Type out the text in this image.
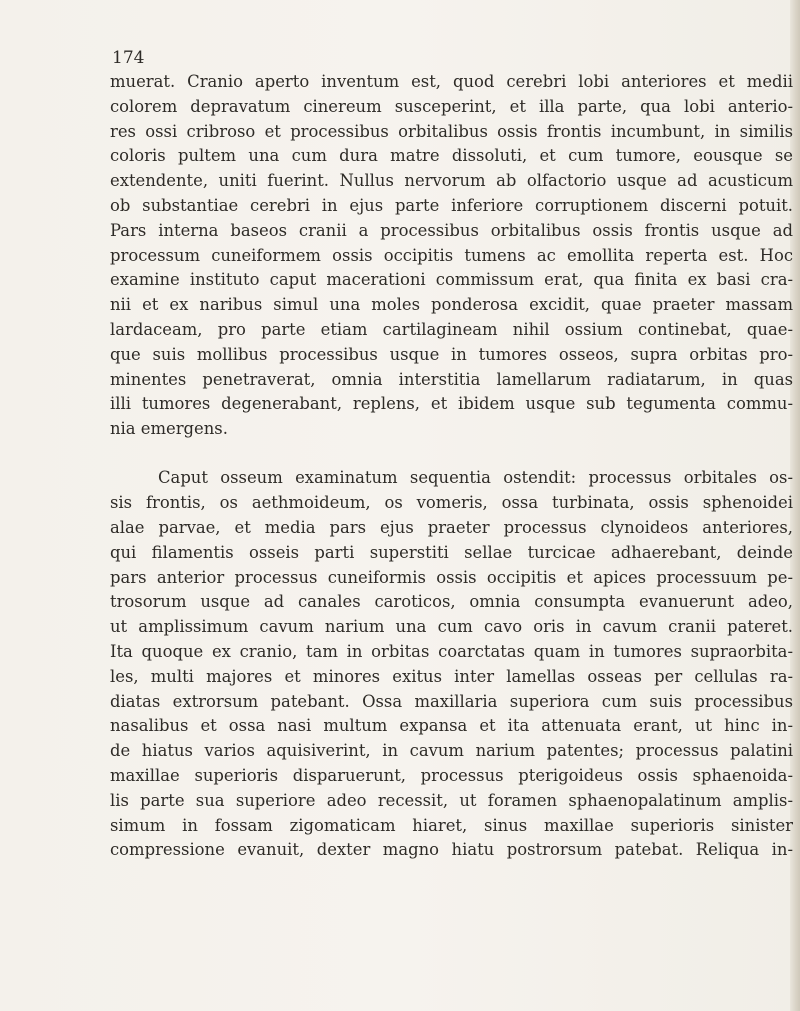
174
muerat. Cranio aperto inventum est, quod cerebri lobi anteriores et medii
colorem depravatum cinereum susceperint, et illa parte, qua lobi anterio-
res ossi cribroso et processibus orbitalibus ossis frontis incumbunt, in similis
coloris pultem una cum dura matre dissoluti, et cum tumore, eousque se
extendente, uniti fuerint. Nullus nervorum ab olfactorio usque ad acusticum
ob substantiae cerebri in ejus parte inferiore corruptionem discerni potuit.
Pars interna baseos cranii a processibus orbitalibus ossis frontis usque ad
processum cuneiformem ossis occipitis tumens ac emollita reperta est. Hoc
examine instituto caput macerationi commissum erat, qua finita ex basi cra-
nii et ex naribus simul una moles ponderosa excidit, quae praeter massam
lardaceam, pro parte etiam cartilagineam nihil ossium continebat, quae-
que suis mollibus processibus usque in tumores osseos, supra orbitas pro-
minentes penetraverat, omnia interstitia lamellarum radiatarum, in quas
illi tumores degenerabant, replens, et ibidem usque sub tegumenta commu-
nia emergens.
Caput osseum examinatum sequentia ostendit: processus orbitales os-
sis frontis, os aethmoideum, os vomeris, ossa turbinata, ossis sphenoidei
alae parvae, et media pars ejus praeter processus clynoideos anteriores,
qui filamentis osseis parti superstiti sellae turcicae adhaerebant, deinde
pars anterior processus cuneiformis ossis occipitis et apices processuum pe-
trosorum usque ad canales caroticos, omnia consumpta evanuerunt adeo,
ut amplissimum cavum narium una cum cavo oris in cavum cranii pateret.
Ita quoque ex cranio, tam in orbitas coarctatas quam in tumores supraorbita-
les, multi majores et minores exitus inter lamellas osseas per cellulas ra-
diatas extrorsum patebant. Ossa maxillaria superiora cum suis processibus
nasalibus et ossa nasi multum expansa et ita attenuata erant, ut hinc in-
de hiatus varios aquisiverint, in cavum narium patentes; processus palatini
maxillae superioris disparuerunt, processus pterigoideus ossis sphaenoida-
lis parte sua superiore adeo recessit, ut foramen sphaenopalatinum amplis-
simum in fossam zigomaticam hiaret, sinus maxillae superioris sinister
compressione evanuit, dexter magno hiatu postrorsum patebat. Reliqua in-
